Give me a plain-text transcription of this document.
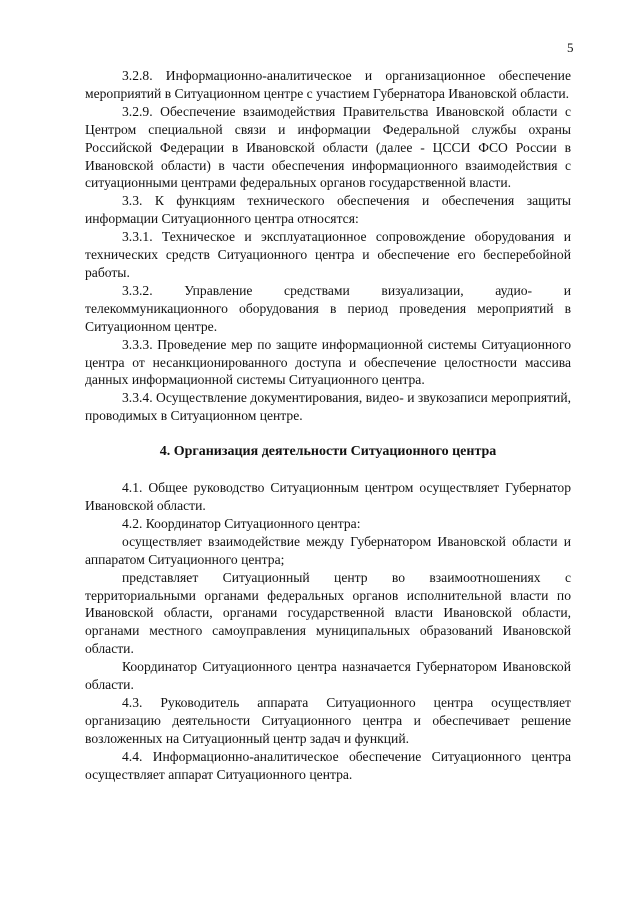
5

3.2.8. Информационно-аналитическое и организационное обеспечение мероприятий в Ситуационном центре с участием Губернатора Ивановской области.

3.2.9. Обеспечение взаимодействия Правительства Ивановской области с Центром специальной связи и информации Федеральной службы охраны Российской Федерации в Ивановской области (далее - ЦССИ ФСО России в Ивановской области) в части обеспечения информационного взаимодействия с ситуационными центрами федеральных органов государственной власти.

3.3. К функциям технического обеспечения и обеспечения защиты информации Ситуационного центра относятся:

3.3.1. Техническое и эксплуатационное сопровождение оборудования и технических средств Ситуационного центра и обеспечение его бесперебойной работы.

3.3.2. Управление средствами визуализации, аудио- и телекоммуникационного оборудования в период проведения мероприятий в Ситуационном центре.

3.3.3. Проведение мер по защите информационной системы Ситуационного центра от несанкционированного доступа и обеспечение целостности массива данных информационной системы Ситуационного центра.

3.3.4. Осуществление документирования, видео- и звукозаписи мероприятий, проводимых в Ситуационном центре.

4. Организация деятельности Ситуационного центра

4.1. Общее руководство Ситуационным центром осуществляет Губернатор Ивановской области.

4.2. Координатор Ситуационного центра:

осуществляет взаимодействие между Губернатором Ивановской области и аппаратом Ситуационного центра;

представляет Ситуационный центр во взаимоотношениях с территориальными органами федеральных органов исполнительной власти по Ивановской области, органами государственной власти Ивановской области, органами местного самоуправления муниципальных образований Ивановской области.

Координатор Ситуационного центра назначается Губернатором Ивановской области.

4.3. Руководитель аппарата Ситуационного центра осуществляет организацию деятельности Ситуационного центра и обеспечивает решение возложенных на Ситуационный центр задач и функций.

4.4. Информационно-аналитическое обеспечение Ситуационного центра осуществляет аппарат Ситуационного центра.
